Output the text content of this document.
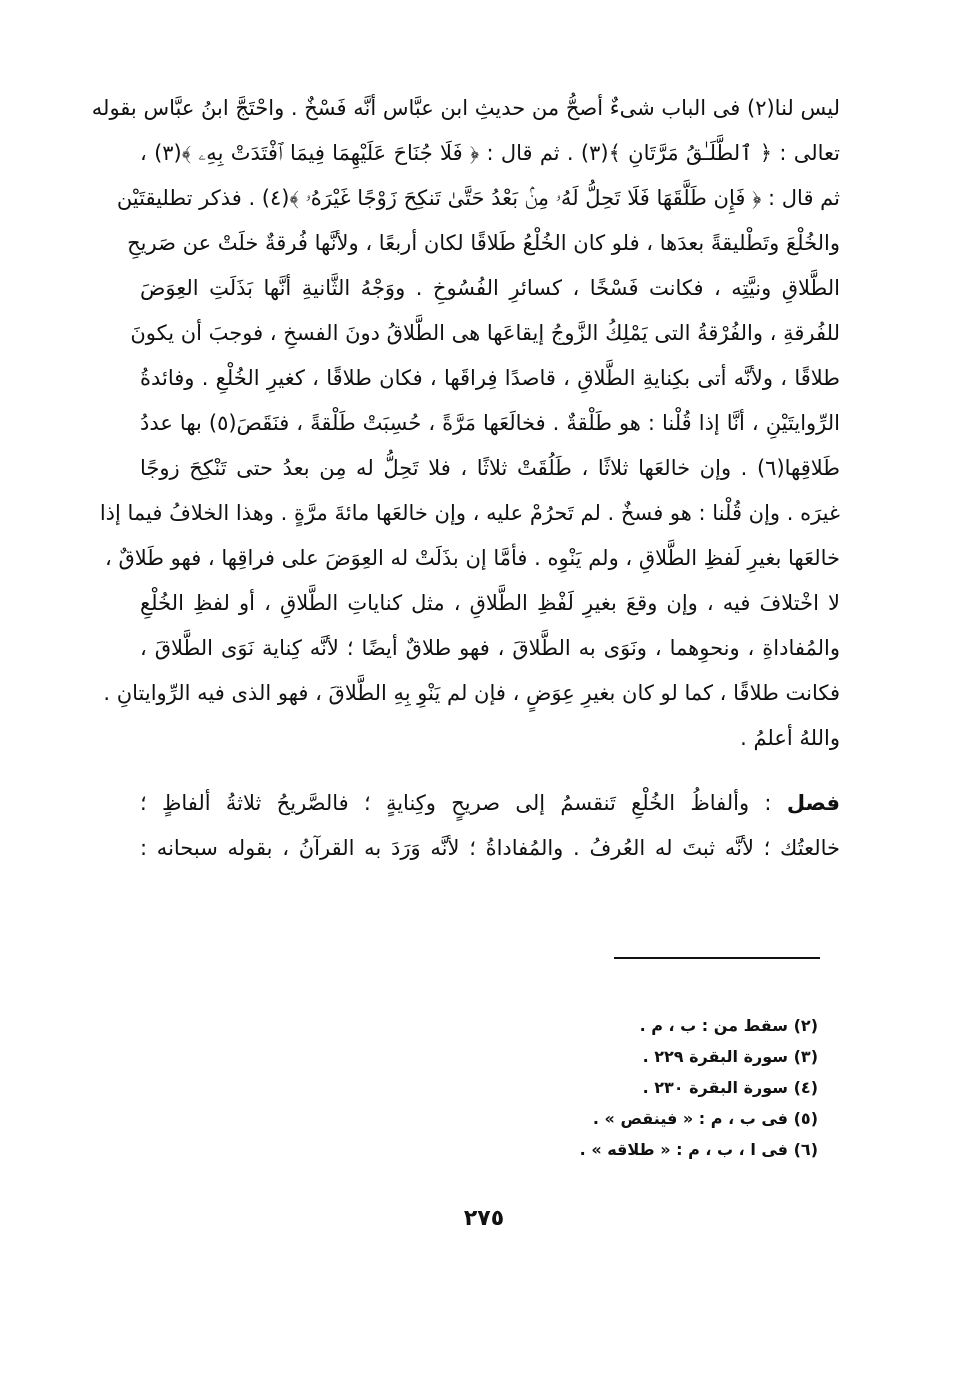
ليس لنا(٢) فى الباب شىءٌ أصحُّ من حديثِ ابن عبَّاس أنَّه فَسْخٌ . واحْتَجَّ ابنُ عبَّاس بقوله
تعالى : ﴿ ٱلطَّلَـٰقُ مَرَّتَانِ ﴾(٣) . ثم قال : ﴿ فَلَا جُنَاحَ عَلَيْهِمَا فِيمَا ٱفْتَدَتْ بِهِۦ ﴾(٣) ،
ثم قال : ﴿ فَإِن طَلَّقَهَا فَلَا تَحِلُّ لَهُۥ مِنۢ بَعْدُ حَتَّىٰ تَنكِحَ زَوْجًا غَيْرَهُۥ ﴾(٤) . فذكر تطليقتَيْن
والخُلْعَ وتَطْليقةً بعدَها ، فلو كان الخُلْعُ طَلاقًا لكان أربعًا ، ولأنَّها فُرقةٌ خلَتْ عن صَريحِ
الطَّلاقِ ونيَّتِه ، فكانت فَسْخًا ، كسائرِ الفُسُوخِ . ووَجْهُ الثَّانيةِ أنَّها بَذَلَتِ العِوَضَ
للفُرقةِ ، والفُرْقةُ التى يَمْلِكُ الزَّوجُ إيقاعَها هى الطَّلاقُ دونَ الفسخِ ، فوجبَ أن يكونَ
طلاقًا ، ولأنَّه أتى بكِنايةِ الطَّلاقِ ، قاصدًا فِراقَها ، فكان طلاقًا ، كغيرِ الخُلْعِ . وفائدةُ
الرِّوايتَيْنِ ، أنَّا إذا قُلْنا : هو طَلْقةٌ . فخالَعَها مَرَّةً ، حُسِبَتْ طَلْقةً ، فنَقَصَ(٥) بها عددُ
طَلاقِها(٦) . وإن خالعَها ثلاثًا ، طَلُقَتْ ثلاثًا ، فلا تَحِلُّ له مِن بعدُ حتى تَنْكِحَ زوجًا
غيرَه . وإن قُلْنا : هو فسخٌ . لم تَحرُمْ عليه ، وإن خالعَها مائةَ مرَّةٍ . وهذا الخلافُ فيما إذا
خالعَها بغيرِ لَفظِ الطَّلاقِ ، ولم يَنْوِه . فأمَّا إن بذَلَتْ له العِوَضَ على فراقِها ، فهو طَلاقٌ ،
لا اخْتلافَ فيه ، وإن وقعَ بغيرِ لَفْظِ الطَّلاقِ ، مثل كناياتِ الطَّلاقِ ، أو لفظِ الخُلْعِ
والمُفاداةِ ، ونحوِهما ، ونَوَى به الطَّلاقَ ، فهو طلاقٌ أيضًا ؛ لأنَّه كِناية نَوَى الطَّلاقَ ،
فكانت طلاقًا ، كما لو كان بغيرِ عِوَضٍ ، فإن لم يَنْوِ بِهِ الطَّلاقَ ، فهو الذى فيه الرِّوايتانِ .
واللهُ أعلمُ .
فصل : وألفاظُ الخُلْعِ تَنقسمُ إلى صريحٍ وكِنايةٍ ؛ فالصَّريحُ ثلاثةُ ألفاظٍ ؛
خالعتُك ؛ لأنَّه ثبتَ له العُرفُ . والمُفاداةُ ؛ لأنَّه وَرَدَ به القرآنُ ، بقوله سبحانه :
(٢) سقط من : ب ، م .
(٣) سورة البقرة ٢٢٩ .
(٤) سورة البقرة ٢٣٠ .
(٥) فى ب ، م : « فينقص » .
(٦) فى ا ، ب ، م : « طلاقه » .
٢٧٥
